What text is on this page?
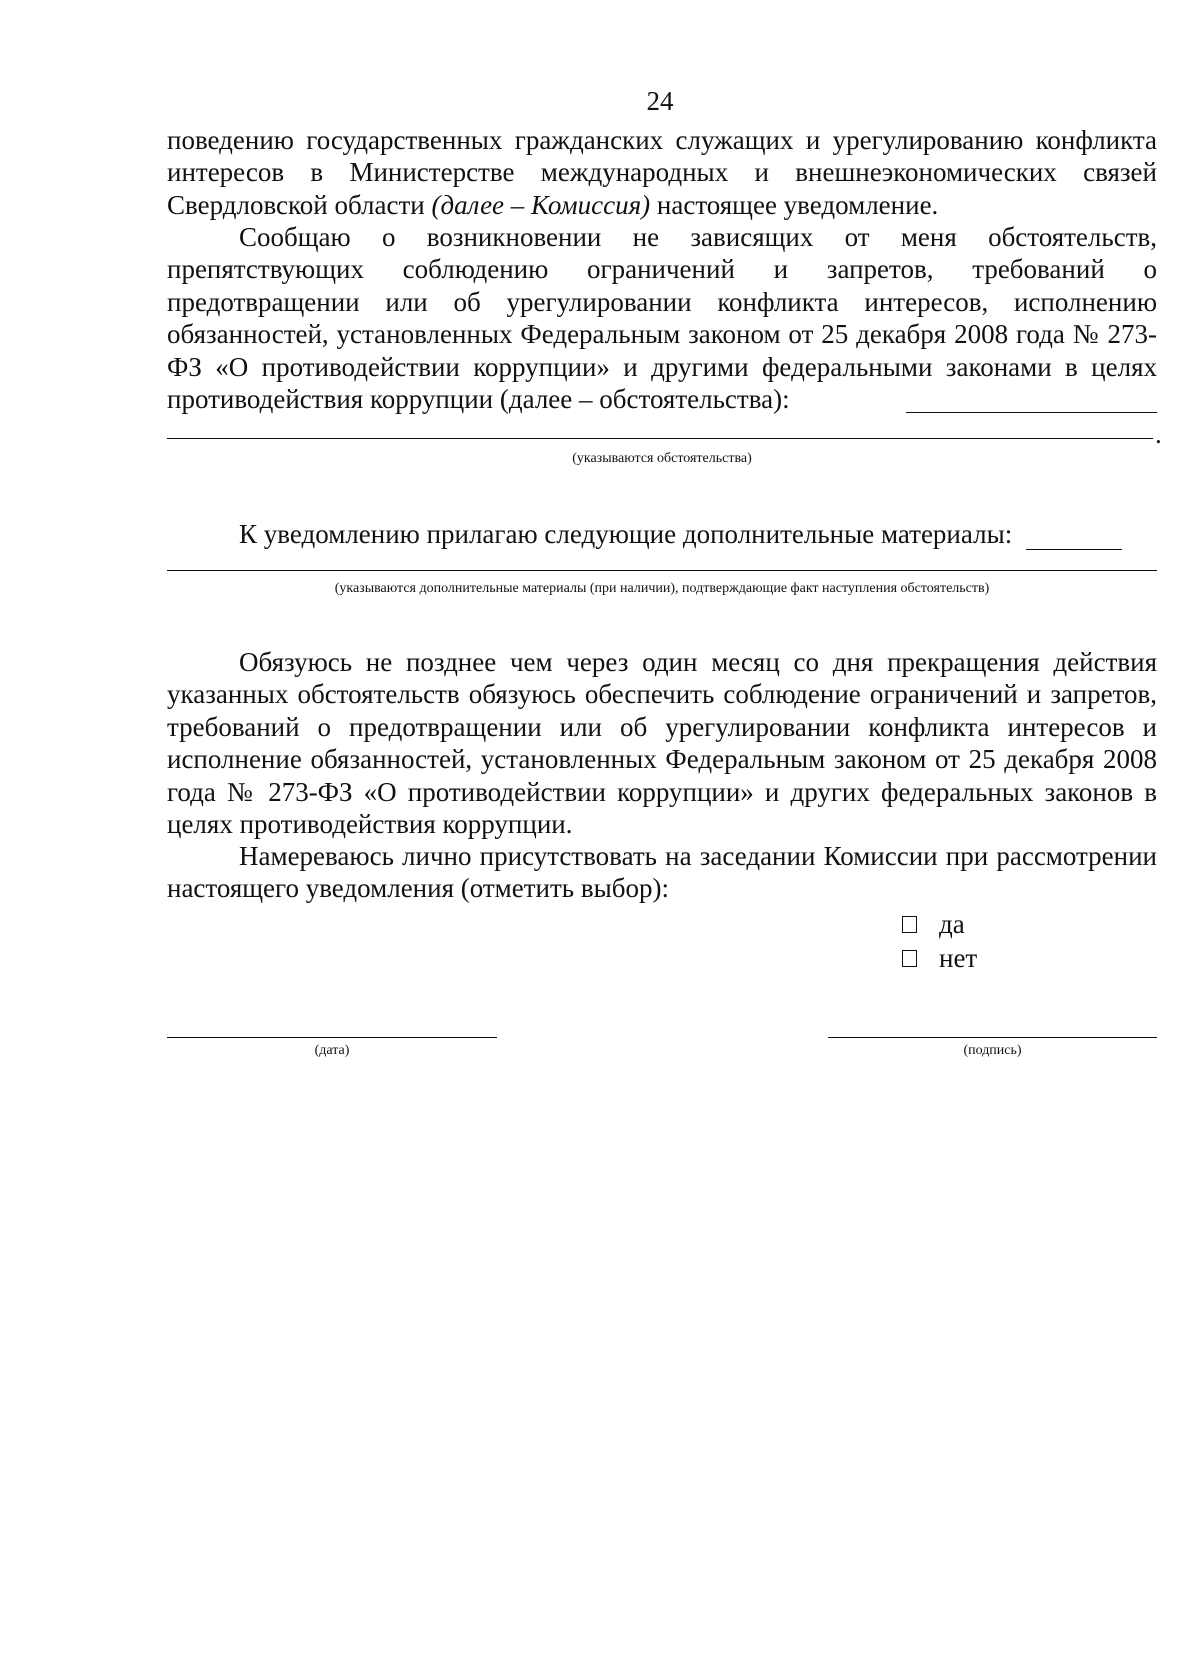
24

поведению государственных гражданских служащих и урегулированию конфликта интересов в Министерстве международных и внешнеэкономических связей Свердловской области (далее – Комиссия) настоящее уведомление.

Сообщаю о возникновении не зависящих от меня обстоятельств, препятствующих соблюдению ограничений и запретов, требований о предотвращении или об урегулировании конфликта интересов, исполнению обязанностей, установленных Федеральным законом от 25 декабря 2008 года № 273-ФЗ «О противодействии коррупции» и другими федеральными законами в целях противодействия коррупции (далее – обстоятельства):

.
(указываются обстоятельства)
К уведомлению прилагаю следующие дополнительные материалы:
(указываются дополнительные материалы (при наличии), подтверждающие факт наступления обстоятельств)

Обязуюсь не позднее чем через один месяц со дня прекращения действия указанных обстоятельств обязуюсь обеспечить соблюдение ограничений и запретов, требований о предотвращении или об урегулировании конфликта интересов и исполнение обязанностей, установленных Федеральным законом от 25 декабря 2008 года № 273-ФЗ «О противодействии коррупции» и других федеральных законов в целях противодействия коррупции.

Намереваюсь лично присутствовать на заседании Комиссии при рассмотрении настоящего уведомления (отметить выбор):

да
нет
(дата)	(подпись)
